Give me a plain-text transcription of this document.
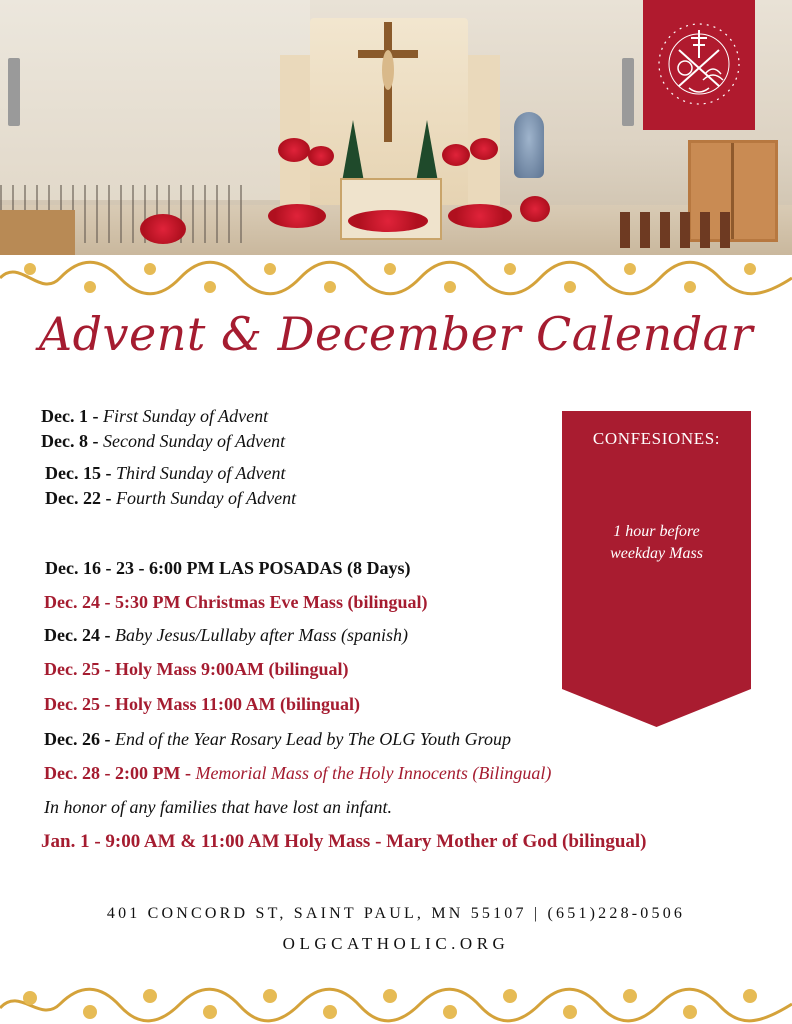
Advent & December Calendar
Dec. 1 - First Sunday of Advent
Dec. 8 - Second Sunday of Advent
Dec. 15 - Third Sunday of Advent
Dec. 22 - Fourth Sunday of Advent
Dec. 16 - 23 - 6:00 PM LAS POSADAS (8 Days)
Dec. 24 - 5:30 PM Christmas Eve Mass (bilingual)
Dec. 24 - Baby Jesus/Lullaby after Mass (spanish)
Dec. 25 - Holy Mass 9:00AM (bilingual)
Dec. 25 - Holy Mass 11:00 AM (bilingual)
Dec. 26 - End of the Year Rosary Lead by The OLG Youth Group
Dec. 28 - 2:00 PM - Memorial Mass of the Holy Innocents (Bilingual)
In honor of any families that have lost an infant.
Jan. 1 - 9:00 AM & 11:00 AM Holy Mass - Mary Mother of God (bilingual)
CONFESIONES:
1 hour before
weekday Mass
401 CONCORD ST, SAINT PAUL, MN 55107 | (651)228-0506
OLGCATHOLIC.ORG
